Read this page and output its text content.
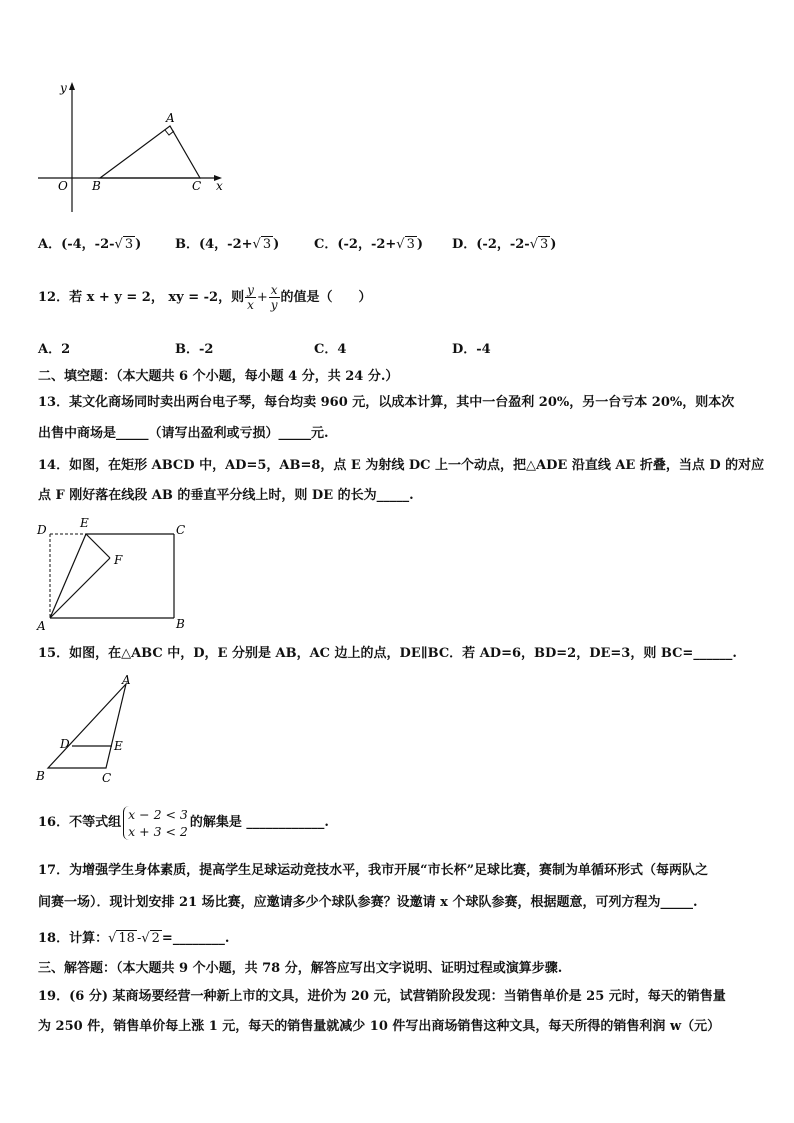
y
x
O
A
B	C
A．(-4，-2-√ 3 )	B．(4，-2+√ 3 )	C．(-2，-2+√ 3 ) D．(-2，-2-√ 3 )
12．若 x + y = 2， xy = -2，则 $\frac{y}{x} + \frac{x}{y}$ 的值是（　　）
A．2	B．-2	C．4	D．-4
二、填空题：（本大题共 6 个小题，每小题 4 分，共 24 分.）
13．某文化商场同时卖出两台电子琴，每台均卖 960 元，以成本计算，其中一台盈利 20%，另一台亏本 20%，则本次
出售中商场是_____（请写出盈利或亏损）_____元.
14．如图，在矩形 ABCD 中，AD=5，AB=8，点 E 为射线 DC 上一个动点，把△ADE 沿直线 AE 折叠，当点 D 的对应
点 F 刚好落在线段 AB 的垂直平分线上时，则 DE 的长为_____.
D	E	C
F
A	B
15．如图，在△ABC 中，D，E 分别是 AB，AC 边上的点，DE∥BC．若 AD=6，BD=2，DE=3，则 BC=______.
A
D	E
B	C
16．不等式组
x − 2 < 3
x + 3 < 2
的解集是 ____________.
17．为增强学生身体素质，提高学生足球运动竞技水平，我市开展“市长杯”足球比赛，赛制为单循环形式（每两队之
间赛一场）．现计划安排 21 场比赛，应邀请多少个球队参赛？设邀请 x 个球队参赛，根据题意，可列方程为_____.
18．计算：√ 18 -√ 2 =________.
三、解答题：（本大题共 9 个小题，共 78 分，解答应写出文字说明、证明过程或演算步骤.
19．(6 分) 某商场要经营一种新上市的文具，进价为 20 元，试营销阶段发现：当销售单价是 25 元时，每天的销售量
为 250 件，销售单价每上涨 1 元，每天的销售量就减少 10 件写出商场销售这种文具，每天所得的销售利润 w（元）
